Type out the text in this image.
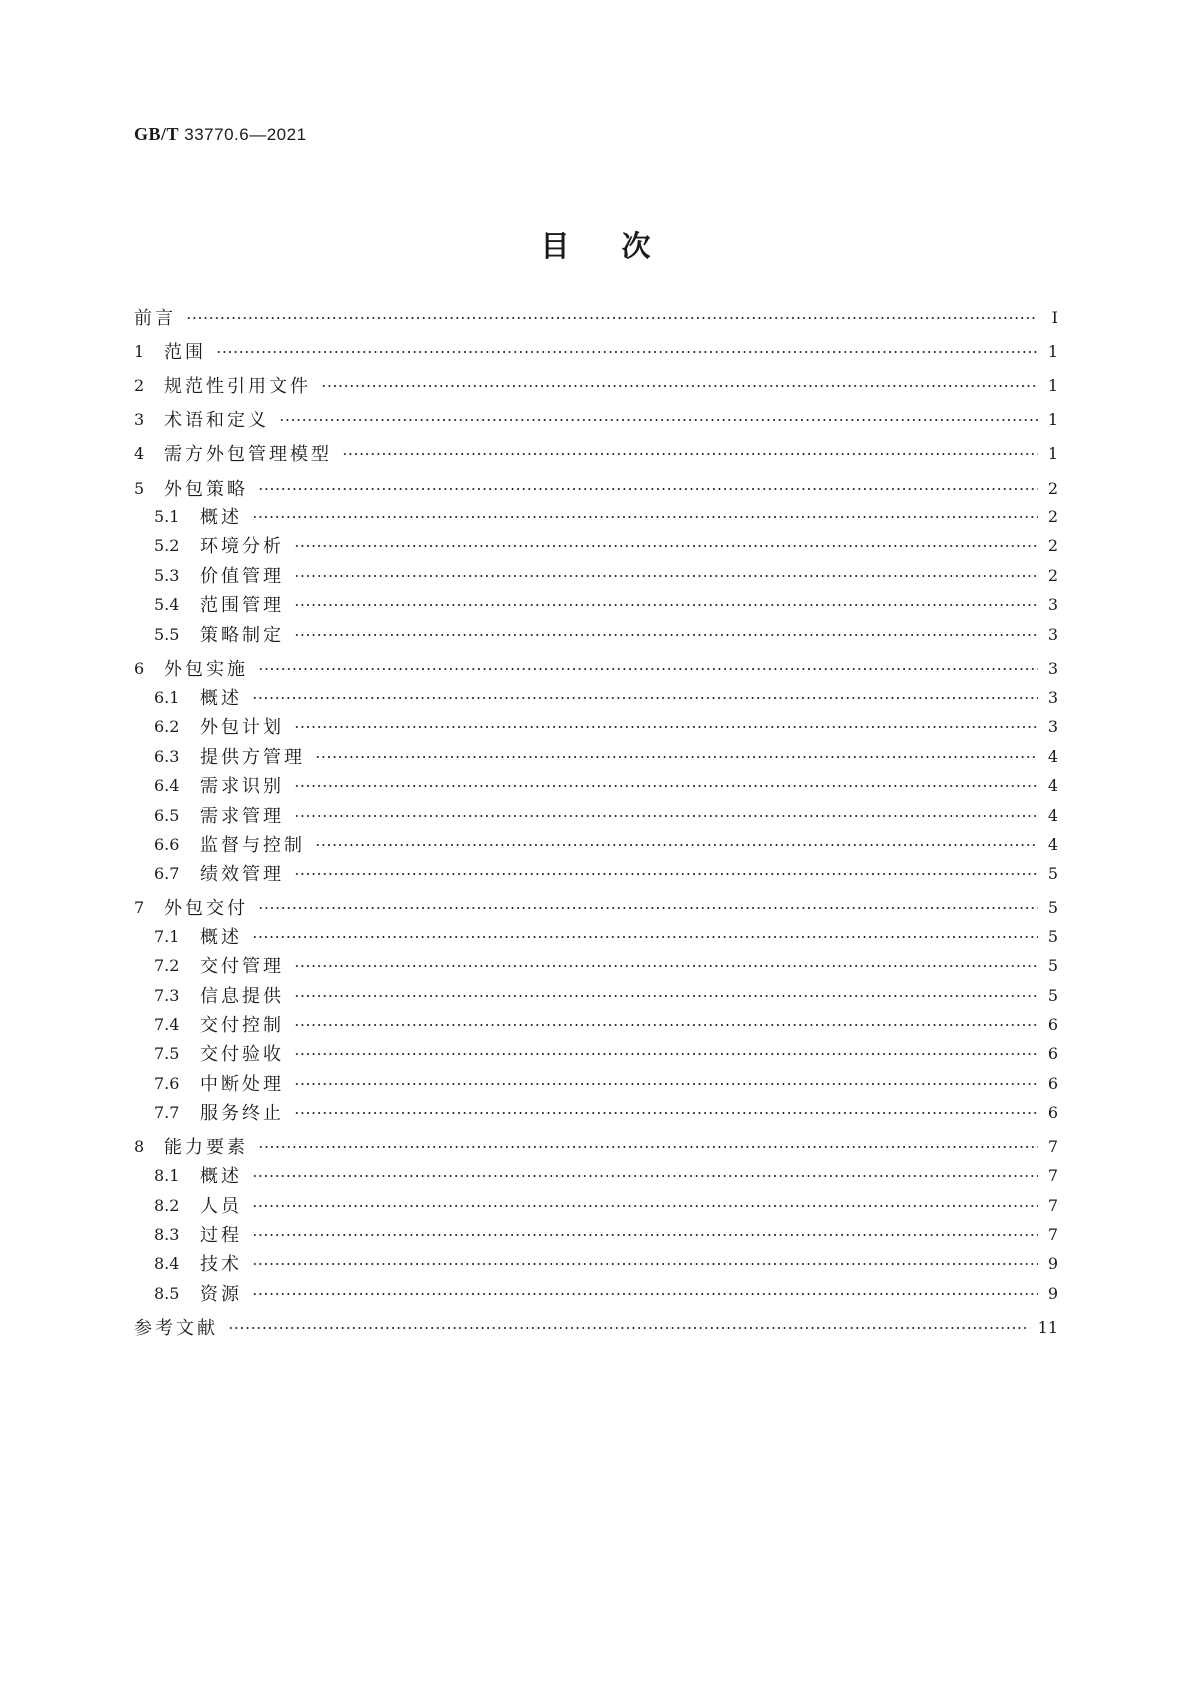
GB/T 33770.6—2021
目次
前言	Ⅰ
1	范围	1
2	规范性引用文件	1
3	术语和定义	1
4	需方外包管理模型	1
5	外包策略	2
5.1	概述	2
5.2	环境分析	2
5.3	价值管理	2
5.4	范围管理	3
5.5	策略制定	3
6	外包实施	3
6.1	概述	3
6.2	外包计划	3
6.3	提供方管理	4
6.4	需求识别	4
6.5	需求管理	4
6.6	监督与控制	4
6.7	绩效管理	5
7	外包交付	5
7.1	概述	5
7.2	交付管理	5
7.3	信息提供	5
7.4	交付控制	6
7.5	交付验收	6
7.6	中断处理	6
7.7	服务终止	6
8	能力要素	7
8.1	概述	7
8.2	人员	7
8.3	过程	7
8.4	技术	9
8.5	资源	9
参考文献	11
